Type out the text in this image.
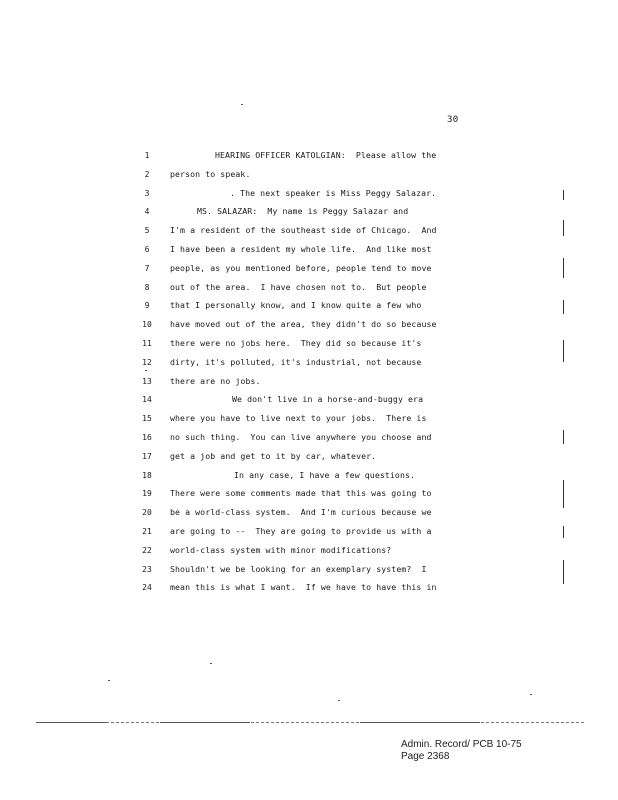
30
1	HEARING OFFICER KATOLGIAN:  Please allow the
2	person to speak.
3	. The next speaker is Miss Peggy Salazar.
4	MS. SALAZAR:  My name is Peggy Salazar and
5	I'm a resident of the southeast side of Chicago.  And
6	I have been a resident my whole life.  And like most
7	people, as you mentioned before, people tend to move
8	out of the area.  I have chosen not to.  But people
9	that I personally know, and I know quite a few who
10	have moved out of the area, they didn't do so because
11	there were no jobs here.  They did so because it's
12	dirty, it's polluted, it's industrial, not because
13	there are no jobs.
14	We don't live in a horse-and-buggy era
15	where you have to live next to your jobs.  There is
16	no such thing.  You can live anywhere you choose and
17	get a job and get to it by car, whatever.
18	In any case, I have a few questions.
19	There were some comments made that this was going to
20	be a world-class system.  And I'm curious because we
21	are going to --  They are going to provide us with a
22	world-class system with minor modifications?
23	Shouldn't we be looking for an exemplary system?  I
24	mean this is what I want.  If we have to have this in
Admin. Record/ PCB 10-75
Page 2368
